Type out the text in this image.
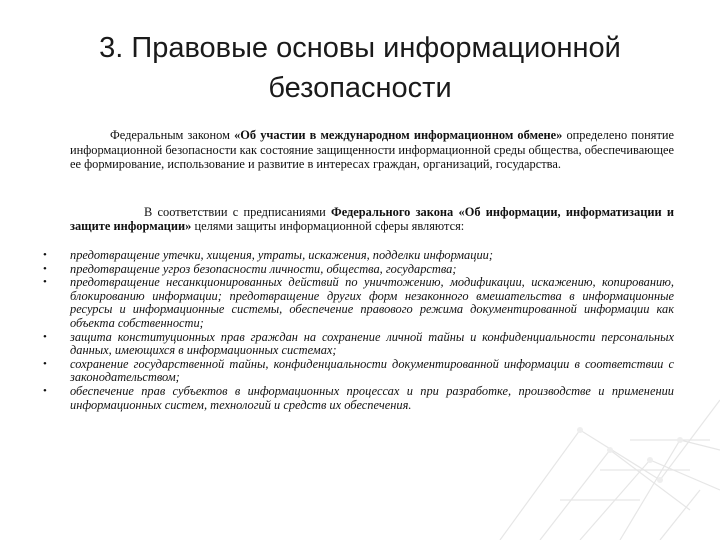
3. Правовые основы информационной
безопасности

Федеральным законом «Об участии в международном информационном обмене» определено понятие информационной безопасности как состояние защищенности информационной среды общества, обеспечивающее ее формирование, использование и развитие в интересах граждан, организаций, государства.

В соответствии с предписаниями Федерального закона «Об информации, информатизации и защите информации» целями защиты информационной сферы являются:

• предотвращение утечки, хищения, утраты, искажения, подделки информации;
• предотвращение угроз безопасности личности, общества, государства;
• предотвращение несанкционированных действий по уничтожению, модификации, искажению, копированию, блокированию информации; предотвращение других форм незаконного вмешательства в информационные ресурсы и информационные системы, обеспечение правового режима документированной информации как объекта собственности;
• защита конституционных прав граждан на сохранение личной тайны и конфиденциальности персональных данных, имеющихся в информационных системах;
• сохранение государственной тайны, конфиденциальности документированной информации в соответствии с законодательством;
• обеспечение прав субъектов в информационных процессах и при разработке, производстве и применении информационных систем, технологий и средств их обеспечения.
